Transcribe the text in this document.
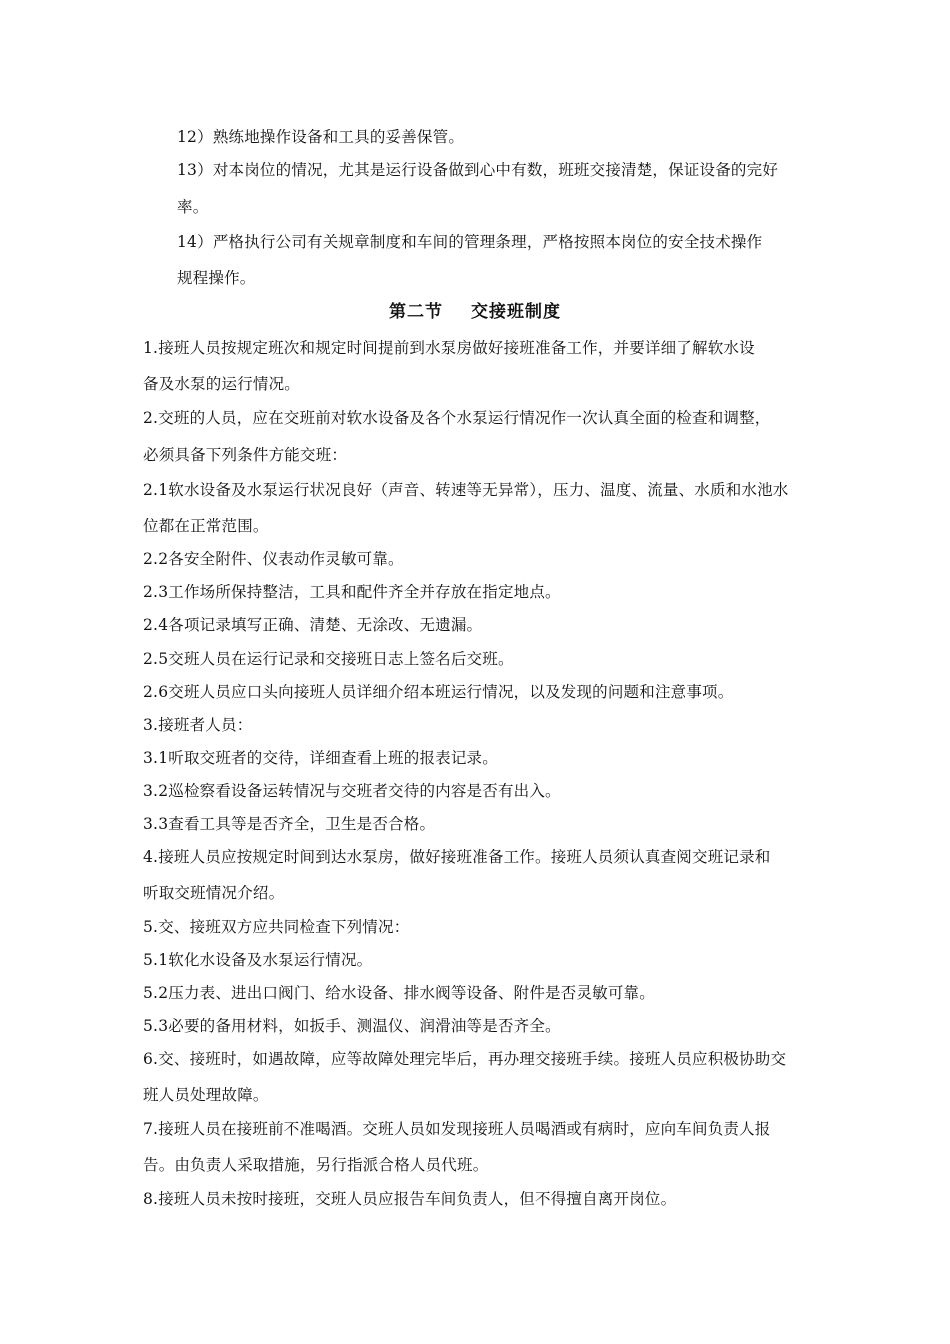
12）熟练地操作设备和工具的妥善保管。
13）对本岗位的情况，尤其是运行设备做到心中有数，班班交接清楚，保证设备的完好
率。
14）严格执行公司有关规章制度和车间的管理条理，严格按照本岗位的安全技术操作
规程操作。
第二节 交接班制度
1.接班人员按规定班次和规定时间提前到水泵房做好接班准备工作，并要详细了解软水设
备及水泵的运行情况。
2.交班的人员，应在交班前对软水设备及各个水泵运行情况作一次认真全面的检查和调整，
必须具备下列条件方能交班：
2.1软水设备及水泵运行状况良好（声音、转速等无异常），压力、温度、流量、水质和水池水
位都在正常范围。
2.2各安全附件、仪表动作灵敏可靠。
2.3工作场所保持整洁，工具和配件齐全并存放在指定地点。
2.4各项记录填写正确、清楚、无涂改、无遗漏。
2.5交班人员在运行记录和交接班日志上签名后交班。
2.6交班人员应口头向接班人员详细介绍本班运行情况，以及发现的问题和注意事项。
3.接班者人员：
3.1听取交班者的交待，详细查看上班的报表记录。
3.2巡检察看设备运转情况与交班者交待的内容是否有出入。
3.3查看工具等是否齐全，卫生是否合格。
4.接班人员应按规定时间到达水泵房，做好接班准备工作。接班人员须认真查阅交班记录和
听取交班情况介绍。
5.交、接班双方应共同检查下列情况：
5.1软化水设备及水泵运行情况。
5.2压力表、进出口阀门、给水设备、排水阀等设备、附件是否灵敏可靠。
5.3必要的备用材料，如扳手、测温仪、润滑油等是否齐全。
6.交、接班时，如遇故障，应等故障处理完毕后，再办理交接班手续。接班人员应积极协助交
班人员处理故障。
7.接班人员在接班前不准喝酒。交班人员如发现接班人员喝酒或有病时，应向车间负责人报
告。由负责人采取措施，另行指派合格人员代班。
8.接班人员未按时接班，交班人员应报告车间负责人，但不得擅自离开岗位。
